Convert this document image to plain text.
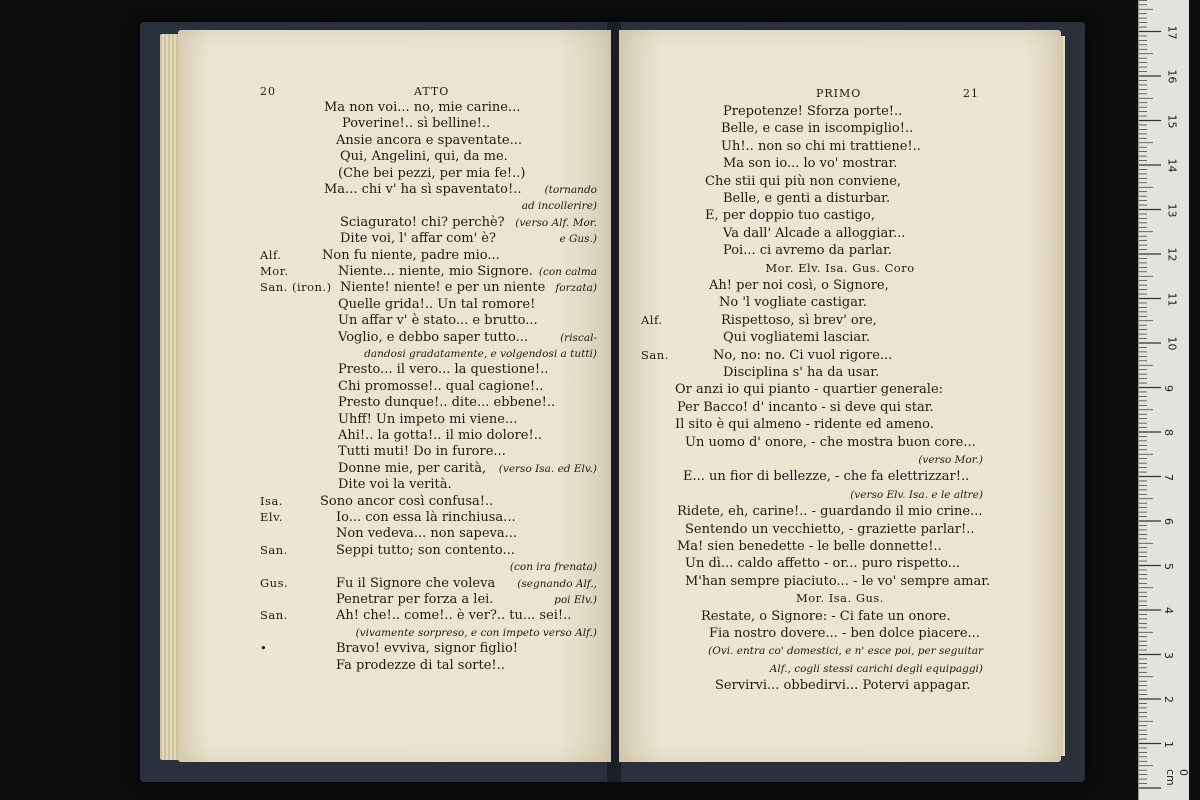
20	ATTO
Ma non voi... no, mie carine...
Poverine!.. sì belline!..
Ansie ancora e spaventate...
Qui, Angelini, qui, da me.
(Che bei pezzi, per mia fe!..)
Ma... chi v' ha sì spaventato!.. (tornando
ad incollerire)
Sciagurato! chi? perchè? (verso Alf. Mor.
Dite voi, l' affar com' è?	e Gus.)
Alf.	Non fu niente, padre mio...
Mor.	Niente... niente, mio Signore. (con calma
San. (iron.) Niente! niente! e per un niente forzata)
Quelle grida!.. Un tal romore!
Un affar v' è stato... e brutto...
Voglio, e debbo saper tutto...	(riscal-
dandosi gradatamente, e volgendosi a tutti)
Presto... il vero... la questione!..
Chi promosse!.. qual cagione!..
Presto dunque!.. dite... ebbene!..
Uhff! Un impeto mi viene...
Ahi!.. la gotta!.. il mio dolore!..
Tutti muti! Do in furore...
Donne mie, per carità, (verso Isa. ed Elv.)
Dite voi la verità.
Isa.	Sono ancor così confusa!..
Elv.	Io... con essa là rinchiusa...
Non vedeva... non sapeva...
San.	Seppi tutto; son contento...
(con ira frenata)
Gus.	Fu il Signore che voleva (segnando Alf.,
Penetrar per forza a lei.	poi Elv.)
San.	Ah! che!.. come!.. è ver?.. tu... sei!..
(vivamente sorpreso, e con impeto verso Alf.)
•	Bravo! evviva, signor figlio!
Fa prodezze di tal sorte!..
PRIMO	21
Prepotenze! Sforza porte!..
Belle, e case in iscompiglio!..
Uh!.. non so chi mi trattiene!..
Ma son io... lo vo' mostrar.
Che stii qui più non conviene,
Belle, e genti a disturbar.
E, per doppio tuo castigo,
Va dall' Alcade a alloggiar...
Poi... ci avremo da parlar.
Mor. Elv. Isa. Gus. Coro
Ah! per noi così, o Signore,
No 'l vogliate castigar.
Alf.	Rispettoso, sì brev' ore,
Qui vogliatemi lasciar.
San.	No, no: no. Ci vuol rigore...
Disciplina s' ha da usar.
Or anzi io qui pianto - quartier generale:
Per Bacco! d' incanto - si deve qui star.
Il sito è qui almeno - ridente ed ameno.
Un uomo d' onore, - che mostra buon core...
(verso Mor.)
E... un fior di bellezze, - che fa elettrizzar!..
(verso Elv. Isa. e le altre)
Ridete, eh, carine!.. - guardando il mio crine...
Sentendo un vecchietto, - graziette parlar!..
Ma! sien benedette - le belle donnette!..
Un dì... caldo affetto - or... puro rispetto...
M'han sempre piaciuto... - le vo' sempre amar.
Mor. Isa. Gus.
Restate, o Signore: - Ci fate un onore.
Fia nostro dovere... - ben dolce piacere...
(Ovi. entra co' domestici, e n' esce poi, per seguitar
Alf., cogli stessi carichi degli equipaggi)
Servirvi... obbedirvi... Potervi appagar.
0 cm
1
2
3
4
5
6
7
8
9
10
11
12
13
14
15
16
17
